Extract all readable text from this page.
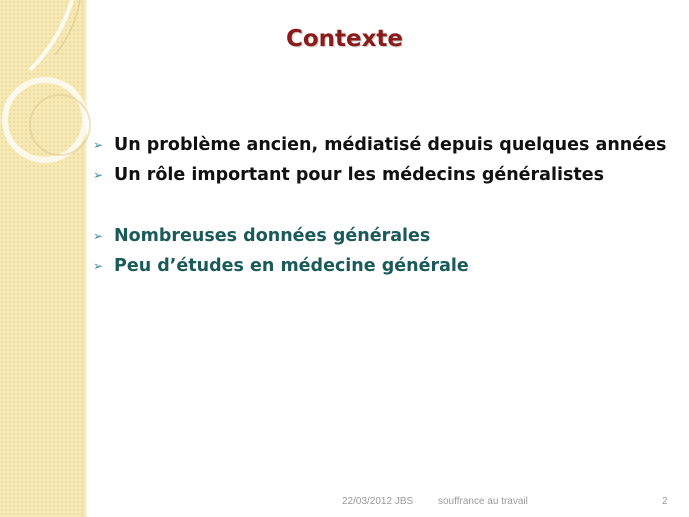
Contexte
➢ Un problème ancien, médiatisé depuis quelques années
➢ Un rôle important pour les médecins généralistes
➢ Nombreuses données générales
➢ Peu d’études en médecine générale
22/03/2012 JBS souffrance au travail	2
